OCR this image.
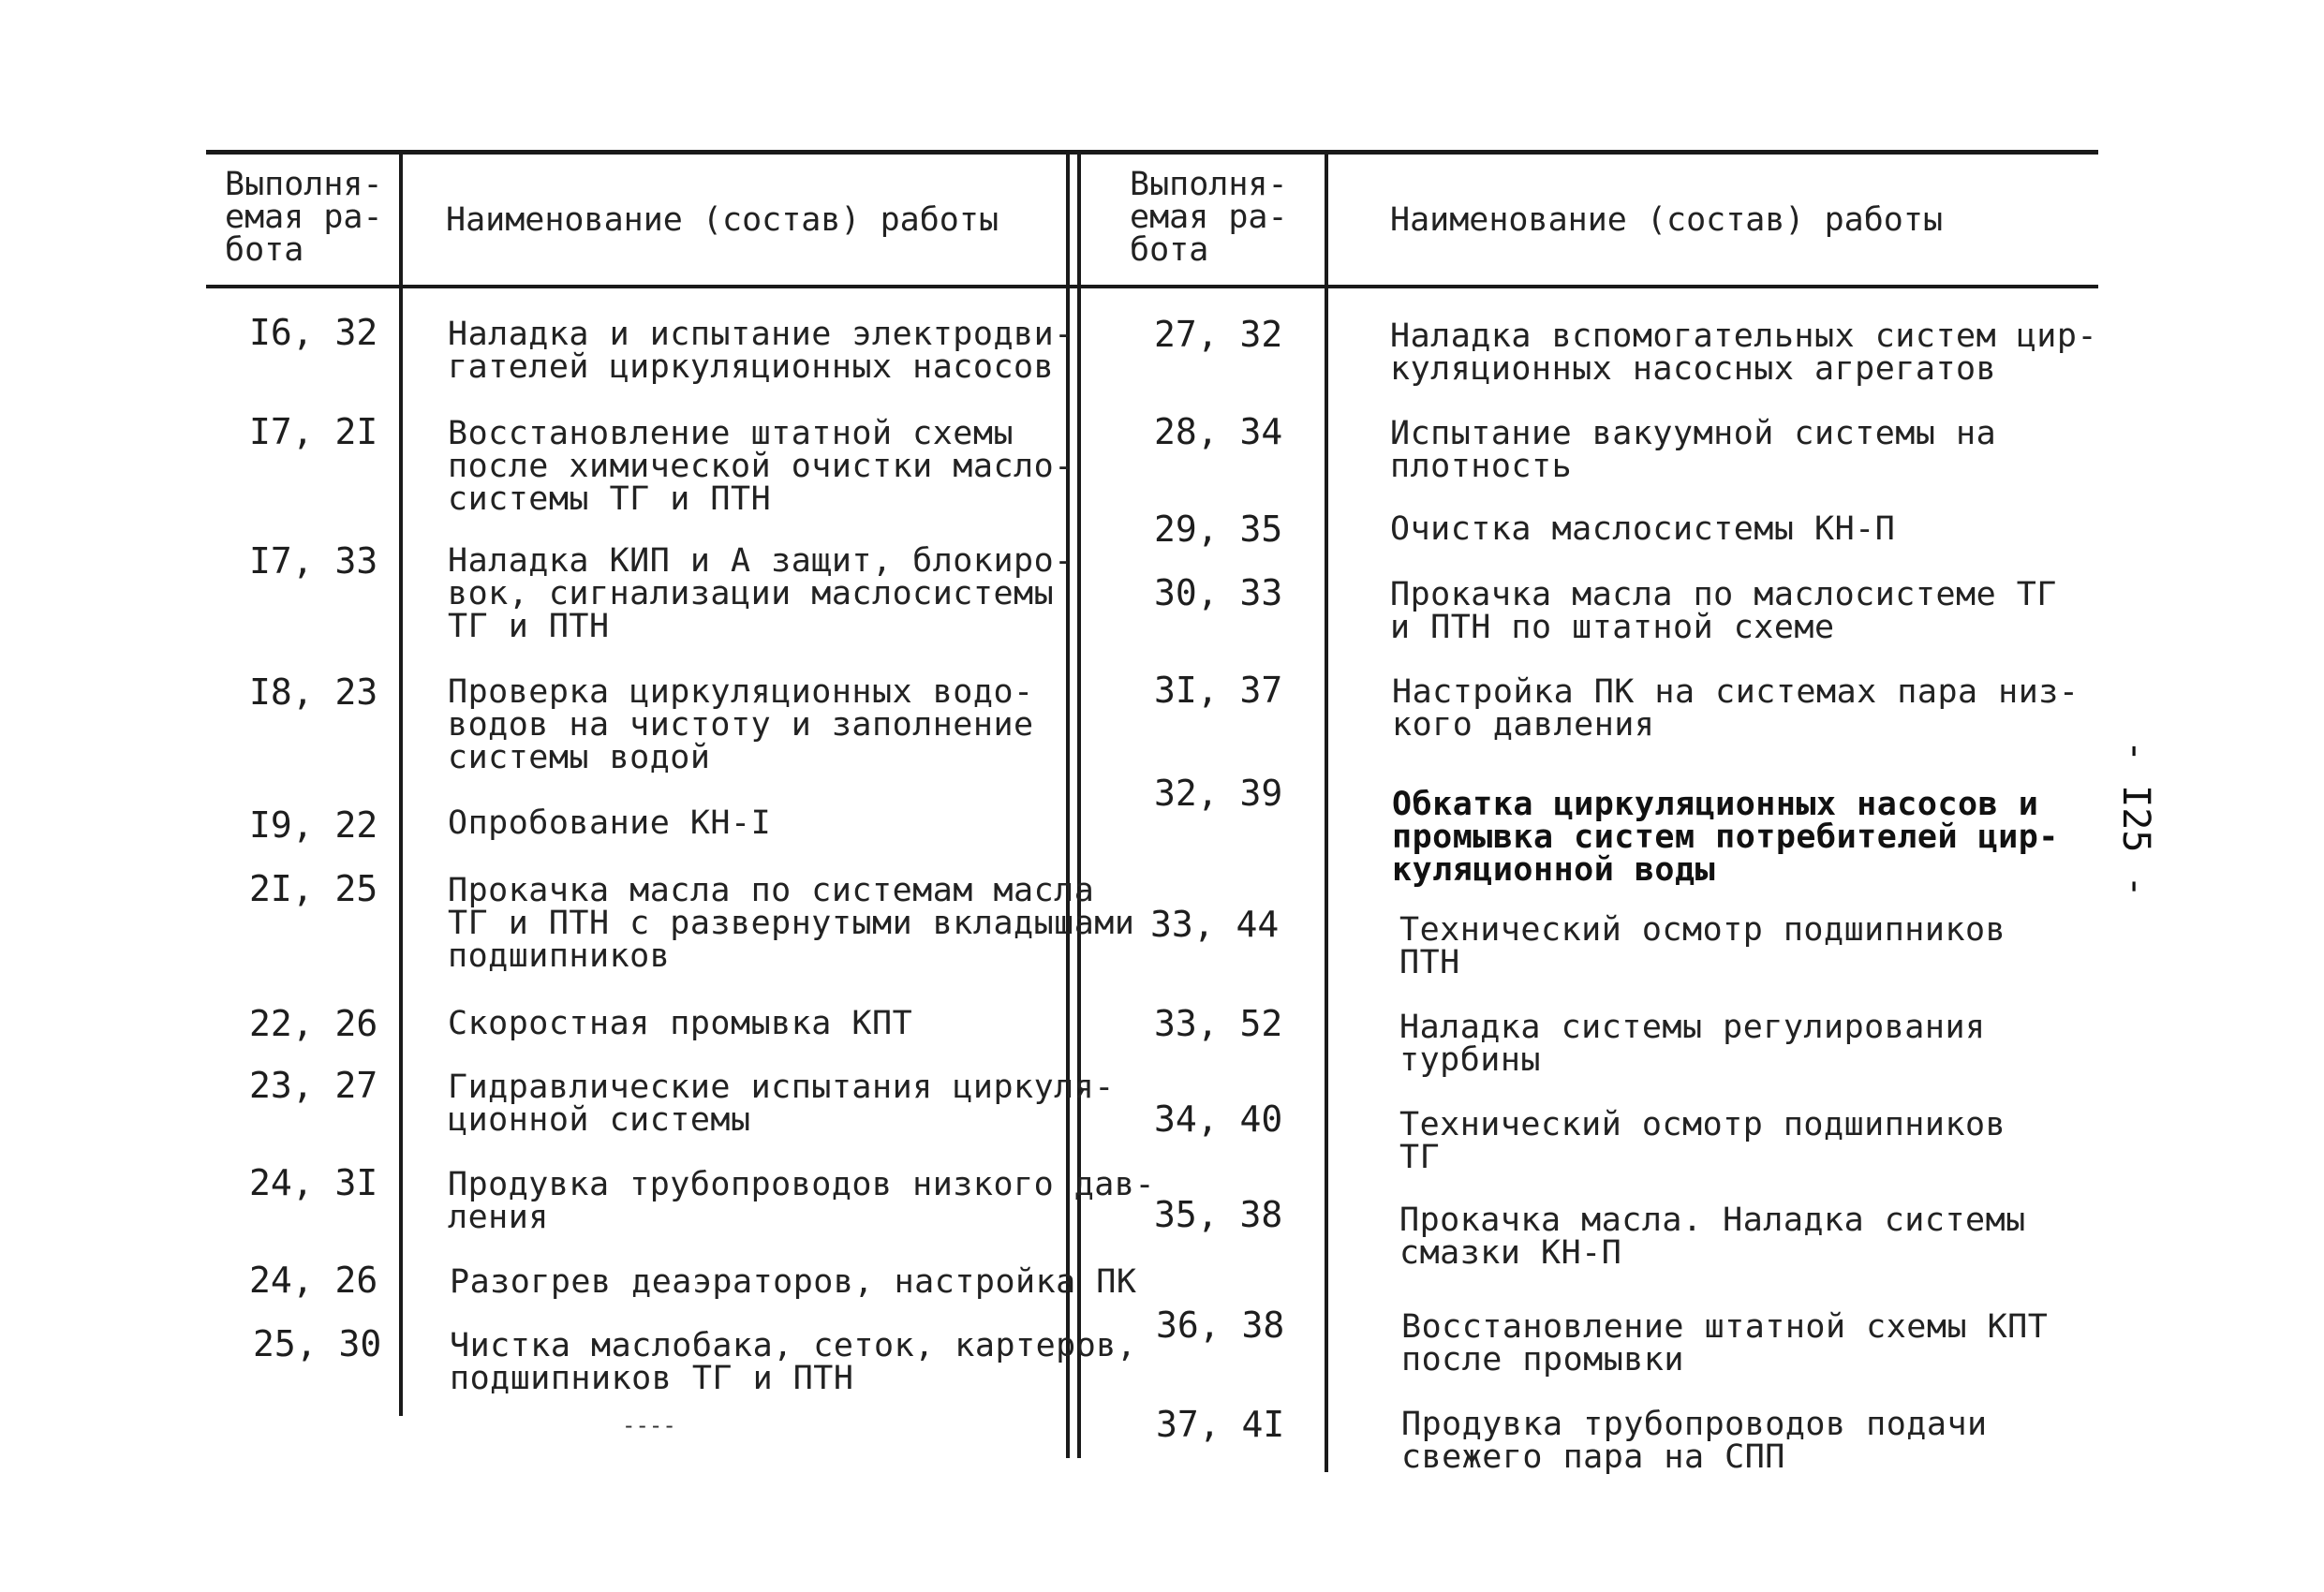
Выполня-
емая ра-
бота
Наименование (состав) работы
Выполня-
емая ра-
бота
Наименование (состав) работы
I6, 32 Наладка и испытание электродви-
гателей циркуляционных насосов
I7, 2I Восстановление штатной схемы
после химической очистки масло-
системы ТГ и ПТН
I7, 33 Наладка КИП и А защит, блокиро-
вок, сигнализации маслосистемы
ТГ и ПТН
I8, 23 Проверка циркуляционных водо-
водов на чистоту и заполнение
системы водой
I9, 22 Опробование КН-I
2I, 25 Прокачка масла по системам масла
ТГ и ПТН с развернутыми вкладышами
подшипников
22, 26 Скоростная промывка КПТ
23, 27 Гидравлические испытания циркуля-
ционной системы
24, 3I Продувка трубопроводов низкого дав-
ления
24, 26 Разогрев деаэраторов, настройка ПК
25, 30 Чистка маслобака, сеток, картеров,
подшипников ТГ и ПТН
----
27, 32	Наладка вспомогательных систем цир-
куляционных насосных агрегатов
28, 34	Испытание вакуумной системы на
плотность
29, 35	Очистка маслосистемы КН-П
30, 33	Прокачка масла по маслосистеме ТГ
и ПТН по штатной схеме
3I, 37	Настройка ПК на системах пара низ-
кого давления
32, 39	Обкатка циркуляционных насосов и
промывка систем потребителей цир-
куляционной воды
33, 44	Технический осмотр подшипников
ПТН
33, 52	Наладка системы регулирования
турбины
34, 40	Технический осмотр подшипников
ТГ
35, 38	Прокачка масла. Наладка системы
смазки КН-П
36, 38	Восстановление штатной схемы КПТ
после промывки
37, 4I	Продувка трубопроводов подачи
свежего пара на СПП
- I25 -
